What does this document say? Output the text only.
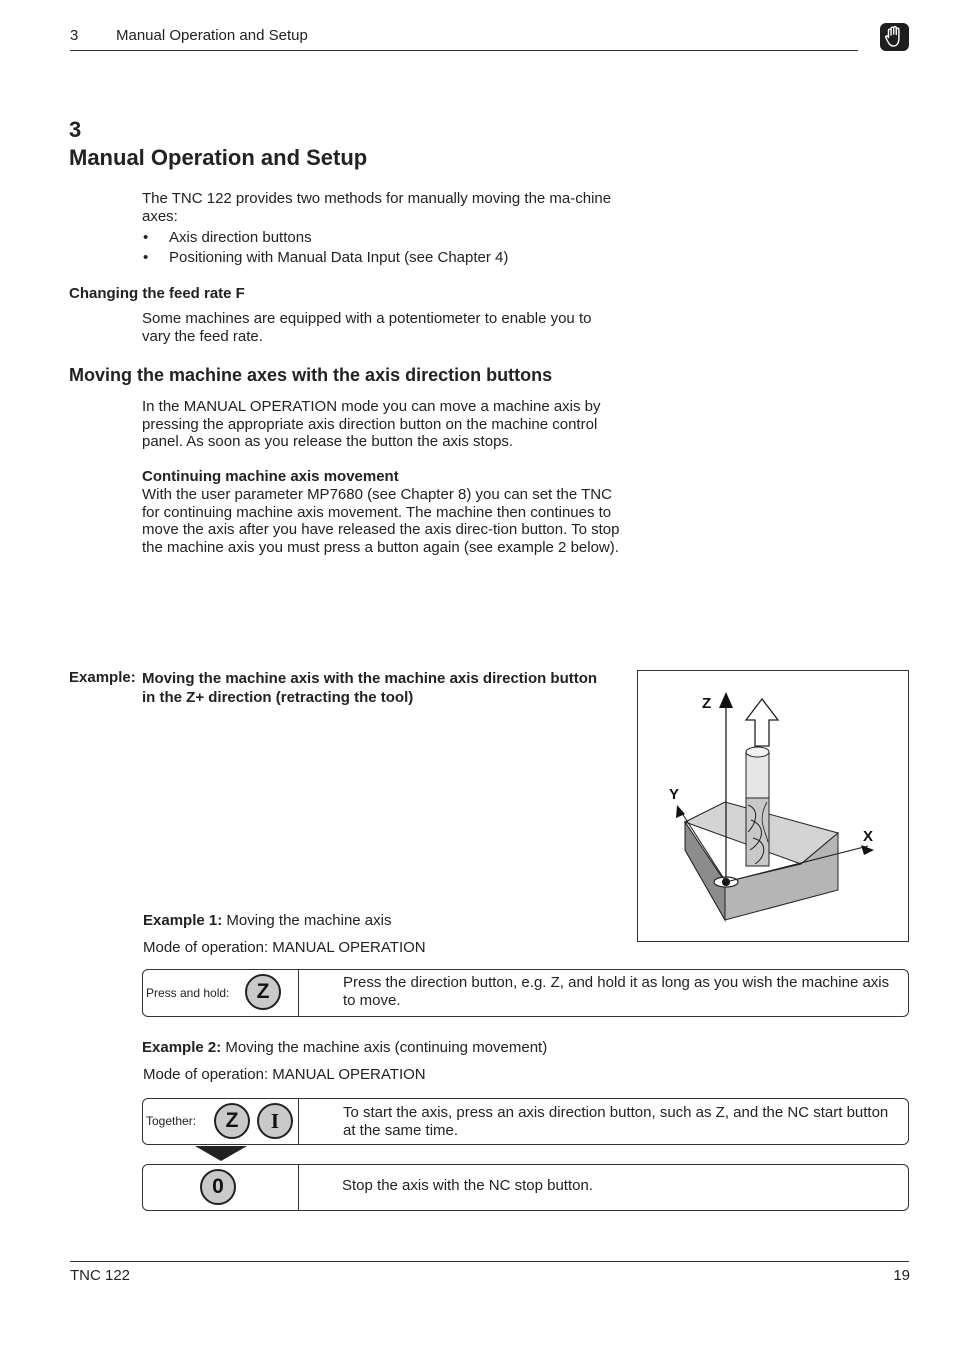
3	Manual Operation and Setup
3
Manual Operation and Setup
The TNC 122 provides two methods for manually moving the ma-chine axes:
• Axis direction buttons
• Positioning with Manual Data Input (see Chapter 4)
Changing the feed rate F
Some machines are equipped with a potentiometer to enable you to vary the feed rate.
Moving the machine axes with the axis direction buttons
In the MANUAL OPERATION mode you can move a machine axis by pressing the appropriate axis direction button on the machine control panel. As soon as you release the button the axis stops.
Continuing machine axis movement
With the user parameter MP7680 (see Chapter 8) you can set the TNC for continuing machine axis movement. The machine then continues to move the axis after you have released the axis direc-tion button. To stop the machine axis you must press a button again (see example 2 below).
Example: Moving the machine axis with the machine axis direction button in the Z+ direction (retracting the tool)	Z
Y
X
Example 1: Moving the machine axis
Mode of operation: MANUAL OPERATION
Press and hold:	Z	Press the direction button, e.g. Z, and hold it as long as you wish the machine axis to move.
Example 2: Moving the machine axis (continuing movement)
Mode of operation: MANUAL OPERATION
Together:	Z	I	To start the axis, press an axis direction button, such as Z, and the NC start button at the same time.
0	Stop the axis with the NC stop button.
TNC 122	19
